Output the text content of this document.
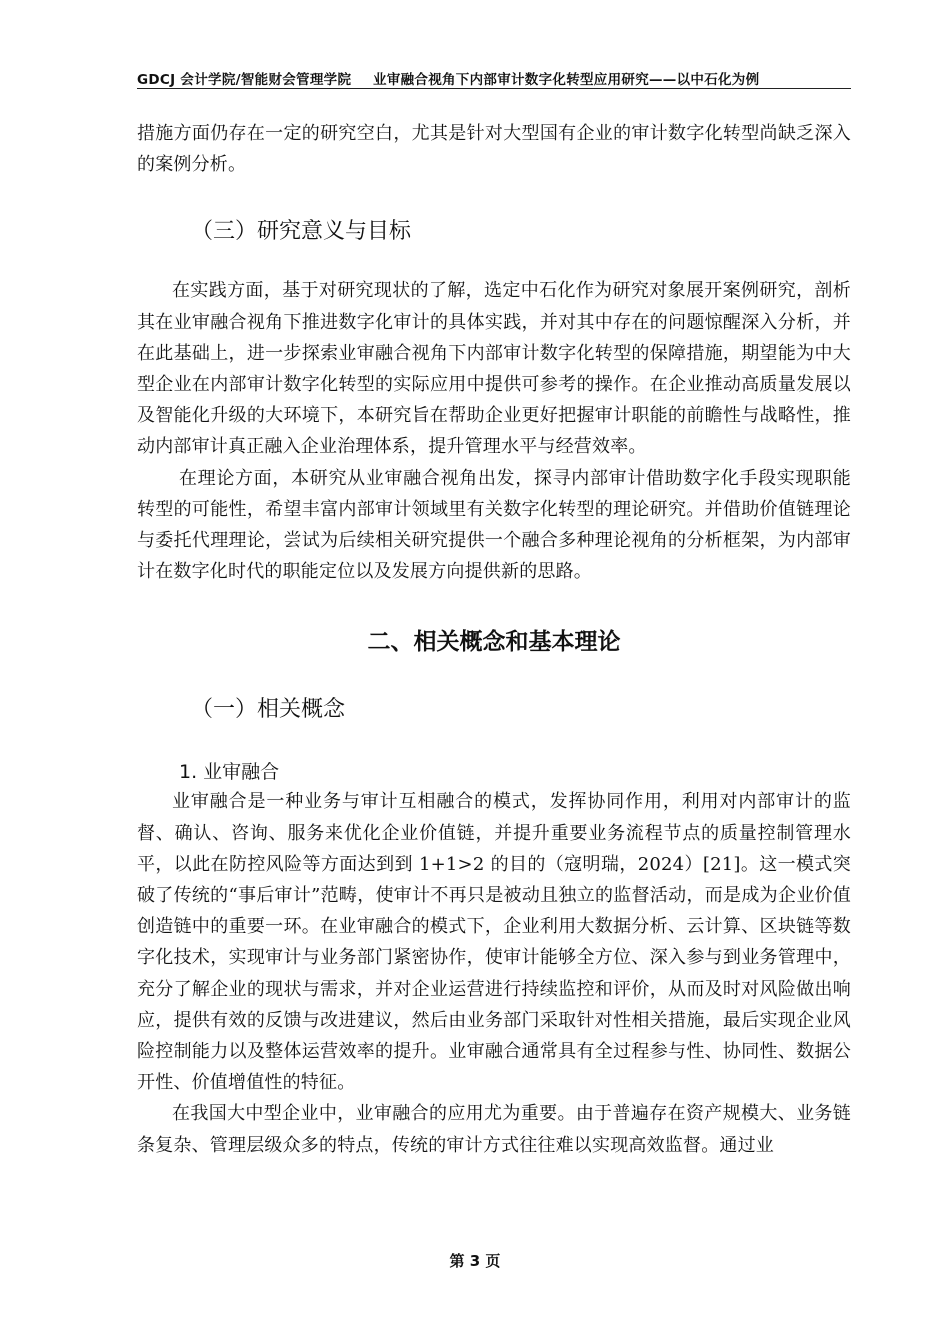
GDCJ 会计学院/智能财会管理学院 业审融合视角下内部审计数字化转型应用研究——以中石化为例

措施方面仍存在一定的研究空白，尤其是针对大型国有企业的审计数字化转型尚缺乏深入的案例分析。

（三）研究意义与目标

在实践方面，基于对研究现状的了解，选定中石化作为研究对象展开案例研究，剖析其在业审融合视角下推进数字化审计的具体实践，并对其中存在的问题惊醒深入分析，并在此基础上，进一步探索业审融合视角下内部审计数字化转型的保障措施，期望能为中大型企业在内部审计数字化转型的实际应用中提供可参考的操作。在企业推动高质量发展以及智能化升级的大环境下，本研究旨在帮助企业更好把握审计职能的前瞻性与战略性，推动内部审计真正融入企业治理体系，提升管理水平与经营效率。

在理论方面，本研究从业审融合视角出发，探寻内部审计借助数字化手段实现职能转型的可能性，希望丰富内部审计领域里有关数字化转型的理论研究。并借助价值链理论与委托代理理论，尝试为后续相关研究提供一个融合多种理论视角的分析框架，为内部审计在数字化时代的职能定位以及发展方向提供新的思路。

二、相关概念和基本理论
（一）相关概念
1. 业审融合

业审融合是一种业务与审计互相融合的模式，发挥协同作用，利用对内部审计的监督、确认、咨询、服务来优化企业价值链，并提升重要业务流程节点的质量控制管理水平，以此在防控风险等方面达到到 1+1>2 的目的（寇明瑞，2024）[21]。这一模式突破了传统的“事后审计”范畴，使审计不再只是被动且独立的监督活动，而是成为企业价值创造链中的重要一环。在业审融合的模式下，企业利用大数据分析、云计算、区块链等数字化技术，实现审计与业务部门紧密协作，使审计能够全方位、深入参与到业务管理中，充分了解企业的现状与需求，并对企业运营进行持续监控和评价，从而及时对风险做出响应，提供有效的反馈与改进建议，然后由业务部门采取针对性相关措施，最后实现企业风险控制能力以及整体运营效率的提升。业审融合通常具有全过程参与性、协同性、数据公开性、价值增值性的特征。

在我国大中型企业中，业审融合的应用尤为重要。由于普遍存在资产规模大、业务链条复杂、管理层级众多的特点，传统的审计方式往往难以实现高效监督。通过业

第 3 页
